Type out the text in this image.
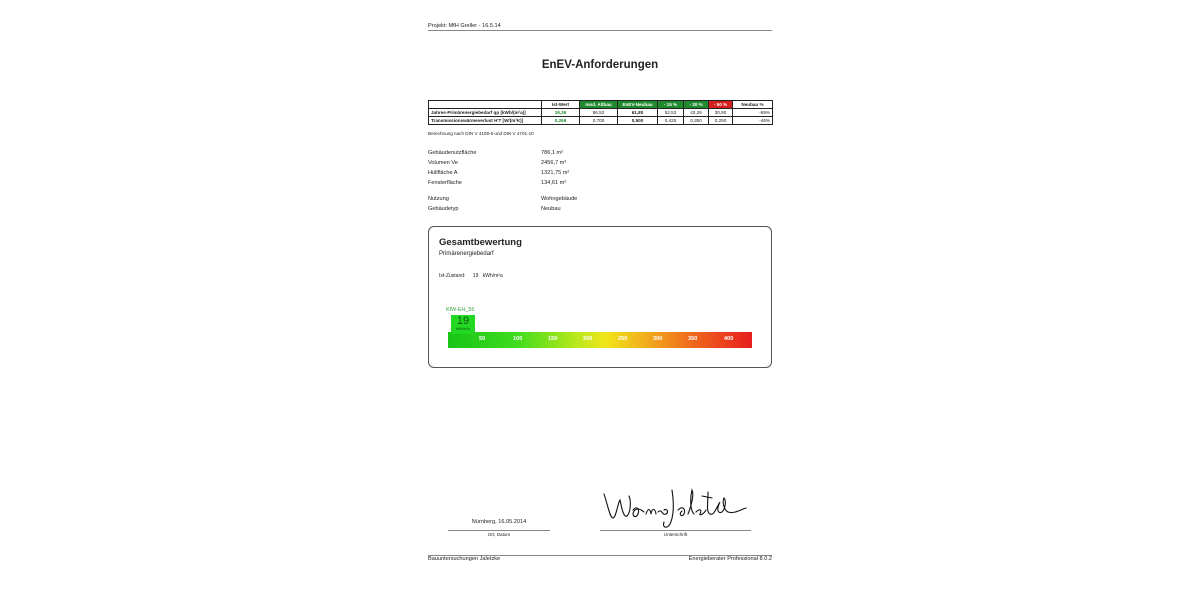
Projekt: MfH Greller - 16.5.14
EnEV-Anforderungen
	Ist-Wert	mod. Altbau	EnEV-Neubau	- 15 %	- 30 %	- 50 %	Neubau %
Jahres-Primärenergiebedarf qp [kWh/(m²a)]	19,36	86,52	61,80	52,53	43,26	30,90	-69%
Transmissionswärmeverlust H'T [W/(m²K)]	0,269	0,700	0,500	0,425	0,350	0,250	-46%
Berechnung nach DIN V 4108-6 und DIN V 4701-10
Gebäudenutzfläche	786,1 m²
Volumen Ve	2456,7 m³
Hüllfläche A	1321,75 m²
Fensterfläche	134,61 m²
Nutzung	Wohngebäude
Gebäudetyp	Neubau
Gesamtbewertung
Primärenergiebedarf
Ist-Zustand: 19 kWh/m²a
KfW-EH_55
50	100	150	200	250	300	350	400
19
kWh/m²a
Nürnberg, 16.05.2014
Ort, Datum	Unterschrift
Bauuntersuchungen Jaletzke	Energieberater Professional 8.0.2
